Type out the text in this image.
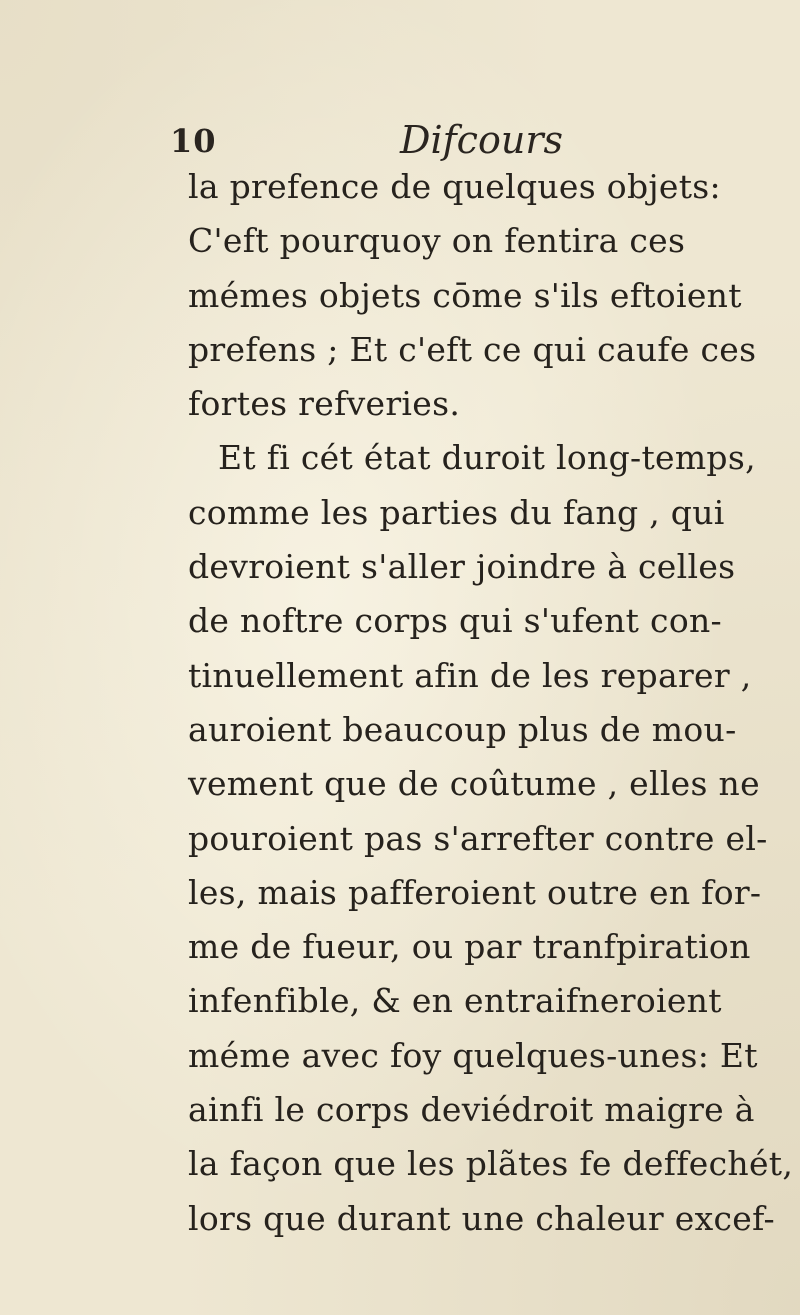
10	Difcours
la prefence de quelques objets:
C'eft pourquoy on fentira ces
mémes objets cōme s'ils eftoient
prefens ; Et c'eft ce qui caufe ces
fortes refveries.
Et fi cét état duroit long-temps,
comme les parties du fang , qui
devroient s'aller joindre à celles
de noftre corps qui s'ufent con-
tinuellement afin de les reparer ,
auroient beaucoup plus de mou-
vement que de coûtume , elles ne
pouroient pas s'arrefter contre el-
les, mais pafferoient outre en for-
me de fueur, ou par tranfpiration
infenfible, & en entraifneroient
méme avec foy quelques-unes: Et
ainfi le corps deviédroit maigre à
la façon que les plãtes fe deffechét,
lors que durant une chaleur excef-
